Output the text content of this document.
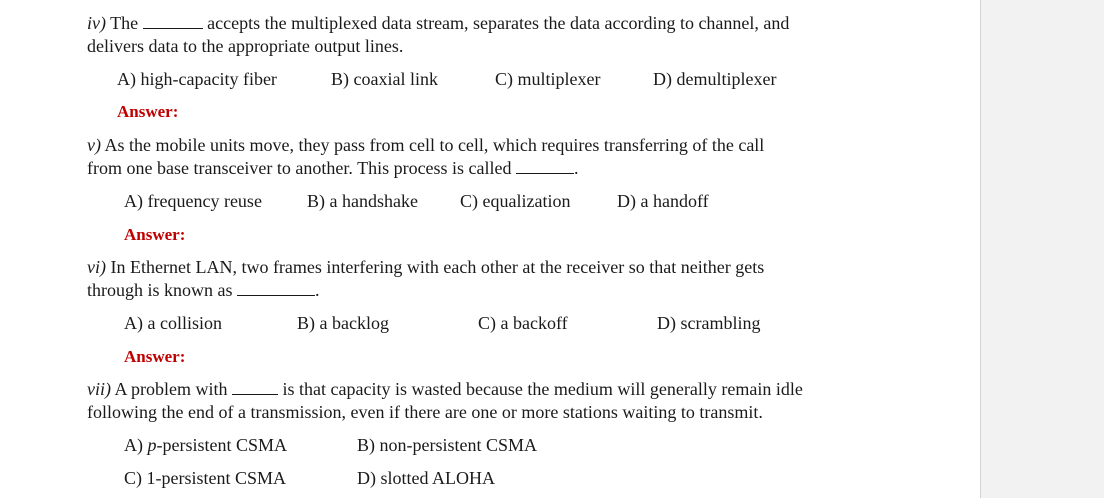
iv) The	accepts the multiplexed data stream, separates the data according to channel, and
delivers data to the appropriate output lines.
A) high-capacity fiber	B) coaxial link	C) multiplexer	D) demultiplexer
Answer:
v) As the mobile units move, they pass from cell to cell, which requires transferring of the call
from one base transceiver to another. This process is called	.
A) frequency reuse	B) a handshake C) equalization	D) a handoff
Answer:
vi) In Ethernet LAN, two frames interfering with each other at the receiver so that neither gets
through is known as	.
A) a collision	B) a backlog	C) a backoff	D) scrambling
Answer:
vii) A problem with	is that capacity is wasted because the medium will generally remain idle
following the end of a transmission, even if there are one or more stations waiting to transmit.
A) p-persistent CSMA	B) non-persistent CSMA
C) 1-persistent CSMA	D) slotted ALOHA
